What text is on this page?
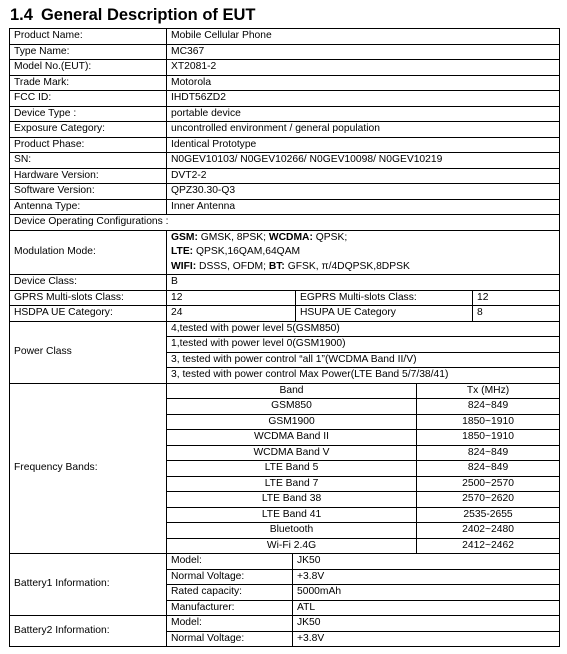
1.4 General Description of EUT
Product Name:	Mobile Cellular Phone					
Type Name:	MC367					
Model No.(EUT):	XT2081-2					
Trade Mark:	Motorola					
FCC ID:	IHDT56ZD2					
Device Type :	portable device					
Exposure Category:	uncontrolled environment / general population					
Product Phase:	Identical Prototype					
SN:	N0GEV10103/ N0GEV10266/ N0GEV10098/ N0GEV10219					
Hardware Version:	DVT2-2					
Software Version:	QPZ30.30-Q3					
Antenna Type:	Inner Antenna					
Device Operating Configurations :						
Modulation Mode:	GSM: GMSK, 8PSK; WCDMA: QPSK;
LTE: QPSK,16QAM,64QAM
WIFI: DSSS, OFDM; BT: GFSK, π/4DQPSK,8DPSK					

Device Class:	B					
GPRS Multi-slots Class:	12		EGPRS Multi-slots Class:		12	
HSDPA UE Category:	24		HSUPA UE Category		8	
Power Class	4,tested with power level 5(GSM850)					
	1,tested with power level 0(GSM1900)					
	3, tested with power control “all 1”(WCDMA Band II/V)					
	3, tested with power control Max Power(LTE Band 5/7/38/41)					
Frequency Bands:	Band			Tx (MHz)	
	GSM850			824~849	
	GSM1900			1850~1910	
	WCDMA Band II			1850~1910	
	WCDMA Band V			824~849	
	LTE Band 5			824~849	
	LTE Band 7			2500~2570	
	LTE Band 38			2570~2620	
	LTE Band 41			2535-2655	
	Bluetooth			2402~2480	
	Wi-Fi 2.4G			2412~2462	
Battery1 Information:	Model:	JK50				
	Normal Voltage:	+3.8V				
	Rated capacity:	5000mAh				
	Manufacturer:	ATL				
Battery2 Information:	Model:	JK50				
	Normal Voltage:	+3.8V				
